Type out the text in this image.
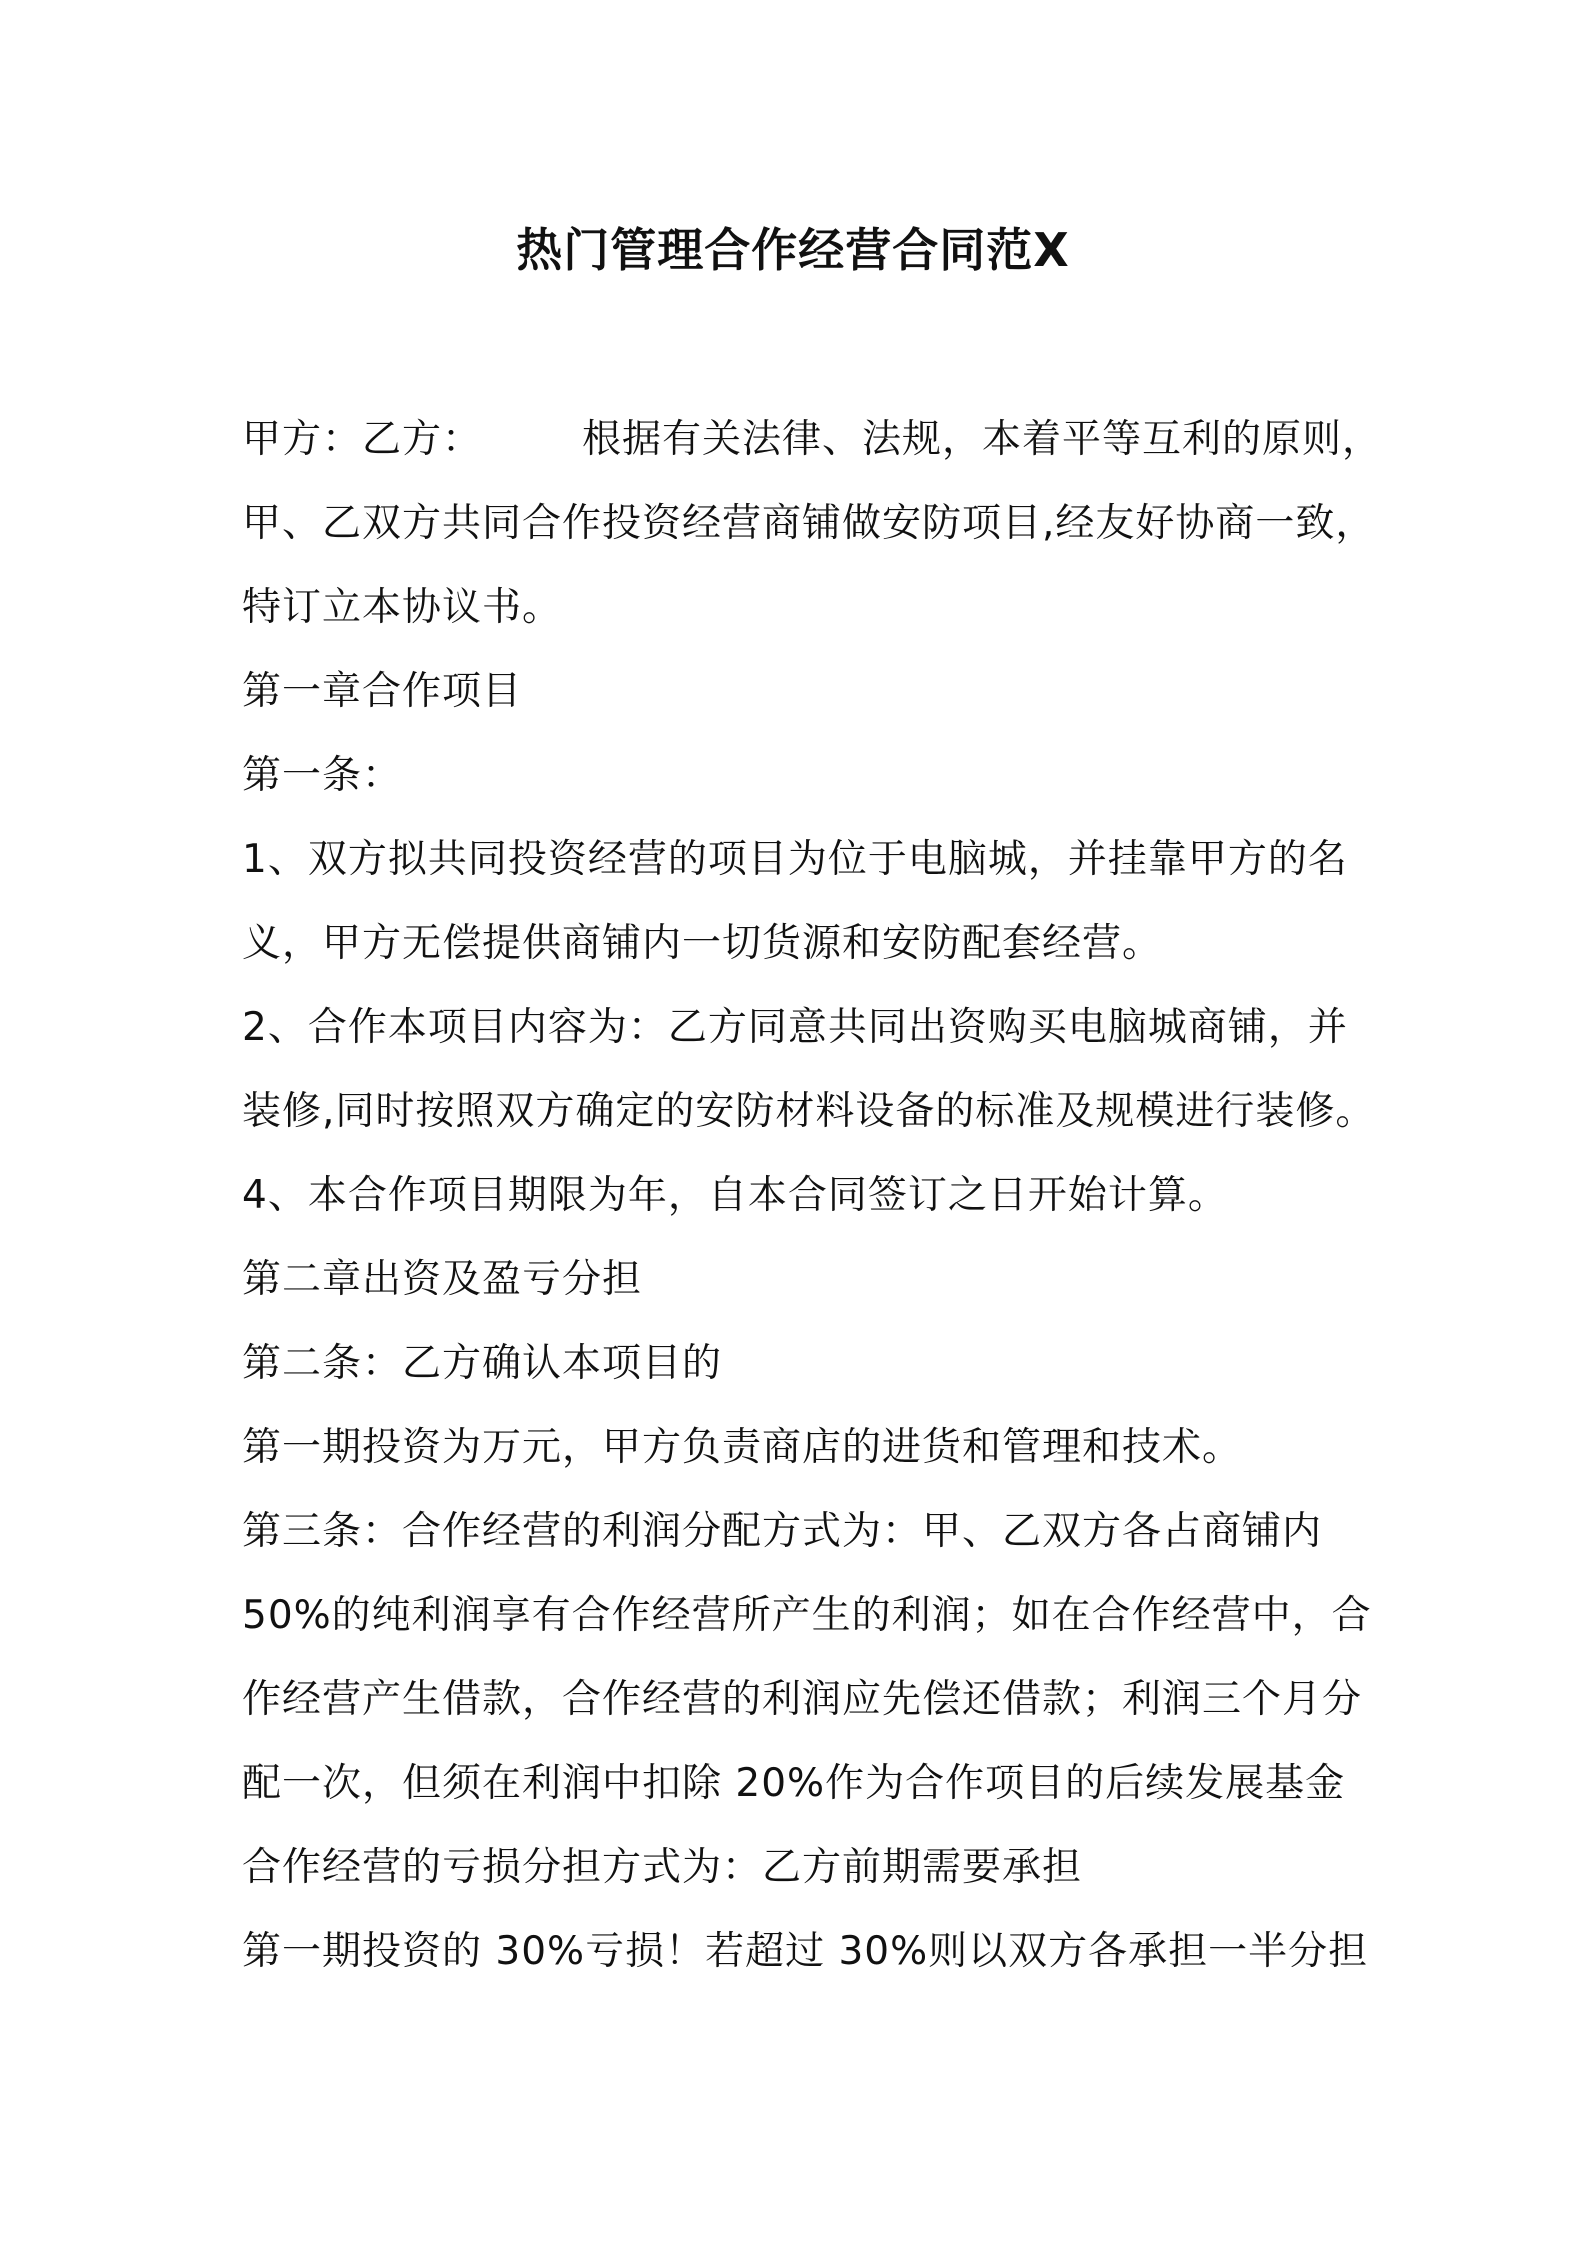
热门管理合作经营合同范X
甲方：乙方：	根据有关法律、法规，本着平等互利的原则，
甲、乙双方共同合作投资经营商铺做安防项目,经友好协商一致，
特订立本协议书。
第一章合作项目
第一条：
1、双方拟共同投资经营的项目为位于电脑城，并挂靠甲方的名
义，甲方无偿提供商铺内一切货源和安防配套经营。
2、合作本项目内容为：乙方同意共同出资购买电脑城商铺，并
装修,同时按照双方确定的安防材料设备的标准及规模进行装修。
4、本合作项目期限为年，自本合同签订之日开始计算。
第二章出资及盈亏分担
第二条：乙方确认本项目的
第一期投资为万元，甲方负责商店的进货和管理和技术。
第三条：合作经营的利润分配方式为：甲、乙双方各占商铺内
50%的纯利润享有合作经营所产生的利润；如在合作经营中，合
作经营产生借款，合作经营的利润应先偿还借款；利润三个月分
配一次，但须在利润中扣除 20%作为合作项目的后续发展基金
合作经营的亏损分担方式为：乙方前期需要承担
第一期投资的 30%亏损！若超过 30%则以双方各承担一半分担
